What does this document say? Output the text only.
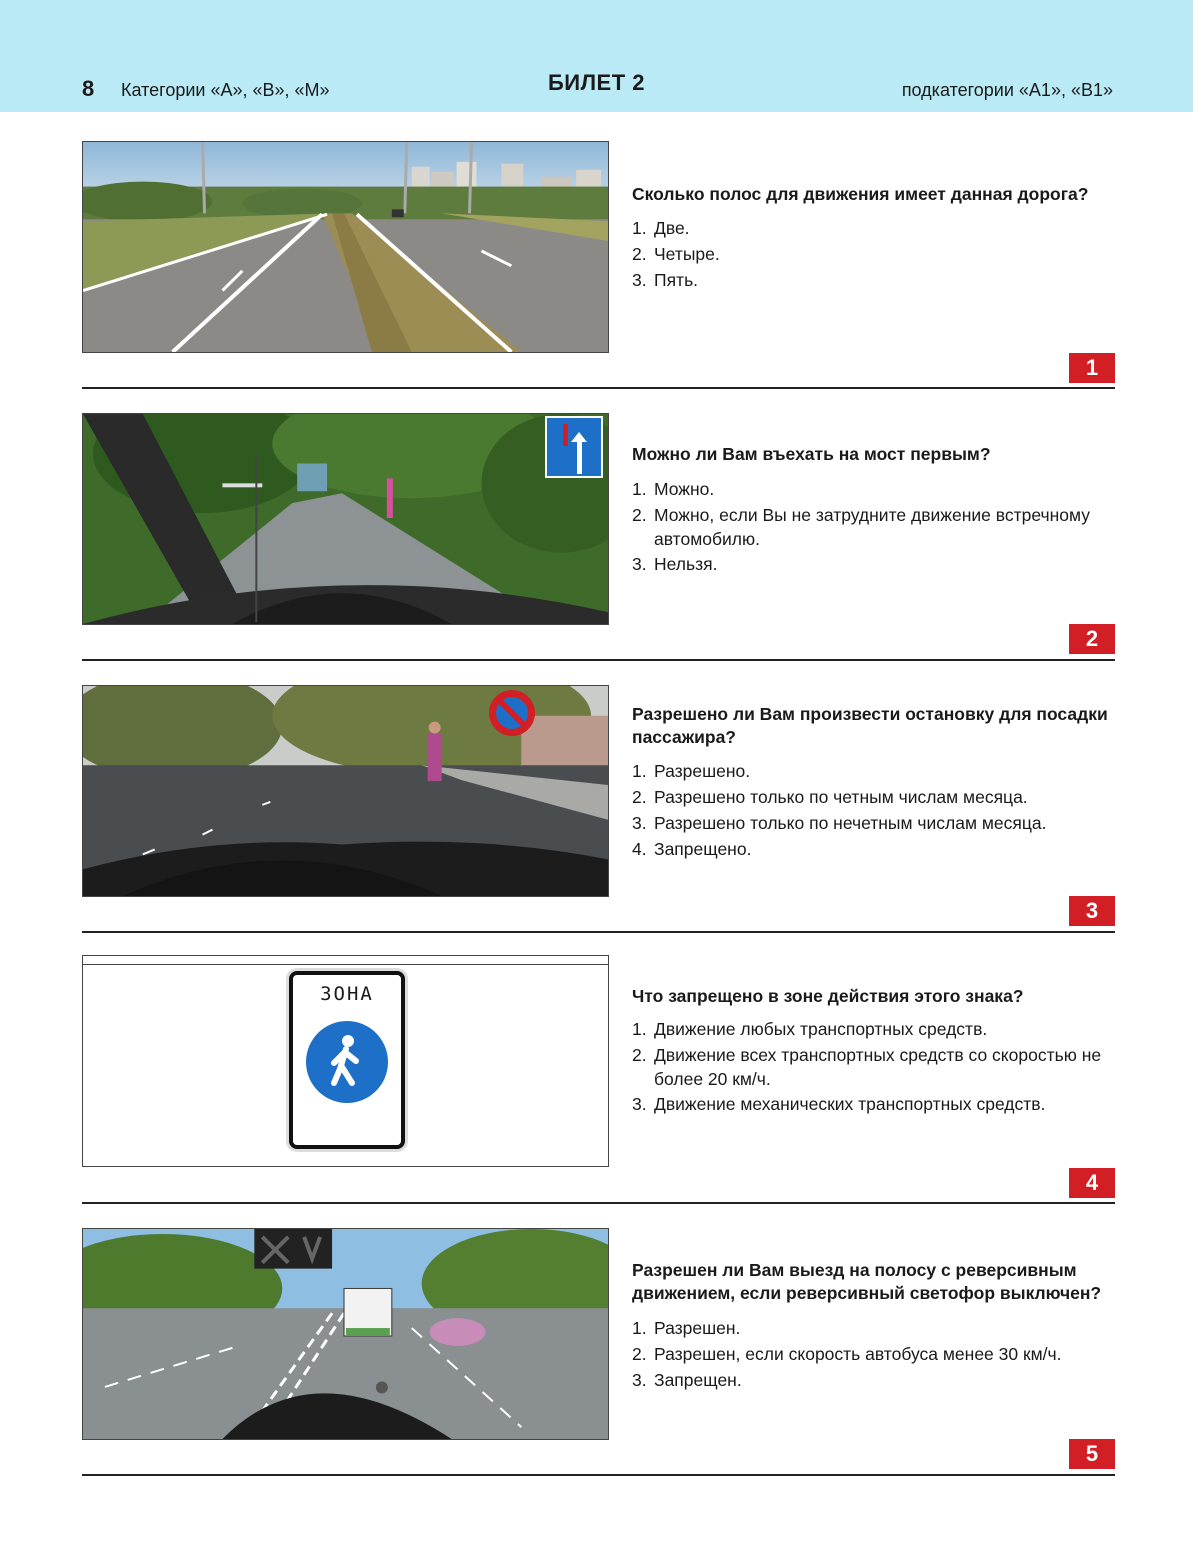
8 Категории «А», «В», «М»	БИЛЕТ 2	подкатегории «А1», «В1»
Сколько полос для движения имеет данная дорога?
1. Две.
2. Четыре.
3. Пять.
1
Можно ли Вам въехать на мост первым?
1. Можно.
2. Можно, если Вы не затрудните движение встречному автомобилю.
3. Нельзя.
2
Разрешено ли Вам произвести остановку для посадки пассажира?
1. Разрешено.
2. Разрешено только по четным числам месяца.
3. Разрешено только по нечетным числам месяца.
4. Запрещено.
3
ЗОНА	Что запрещено в зоне действия этого знака?
1. Движение любых транспортных средств.
2. Движение всех транспортных средств со скоростью не более 20 км/ч.
3. Движение механических транспортных средств.
4
Разрешен ли Вам выезд на полосу с реверсивным движением, если реверсивный светофор выключен?
1. Разрешен.
2. Разрешен, если скорость автобуса менее 30 км/ч.
3. Запрещен.
5
